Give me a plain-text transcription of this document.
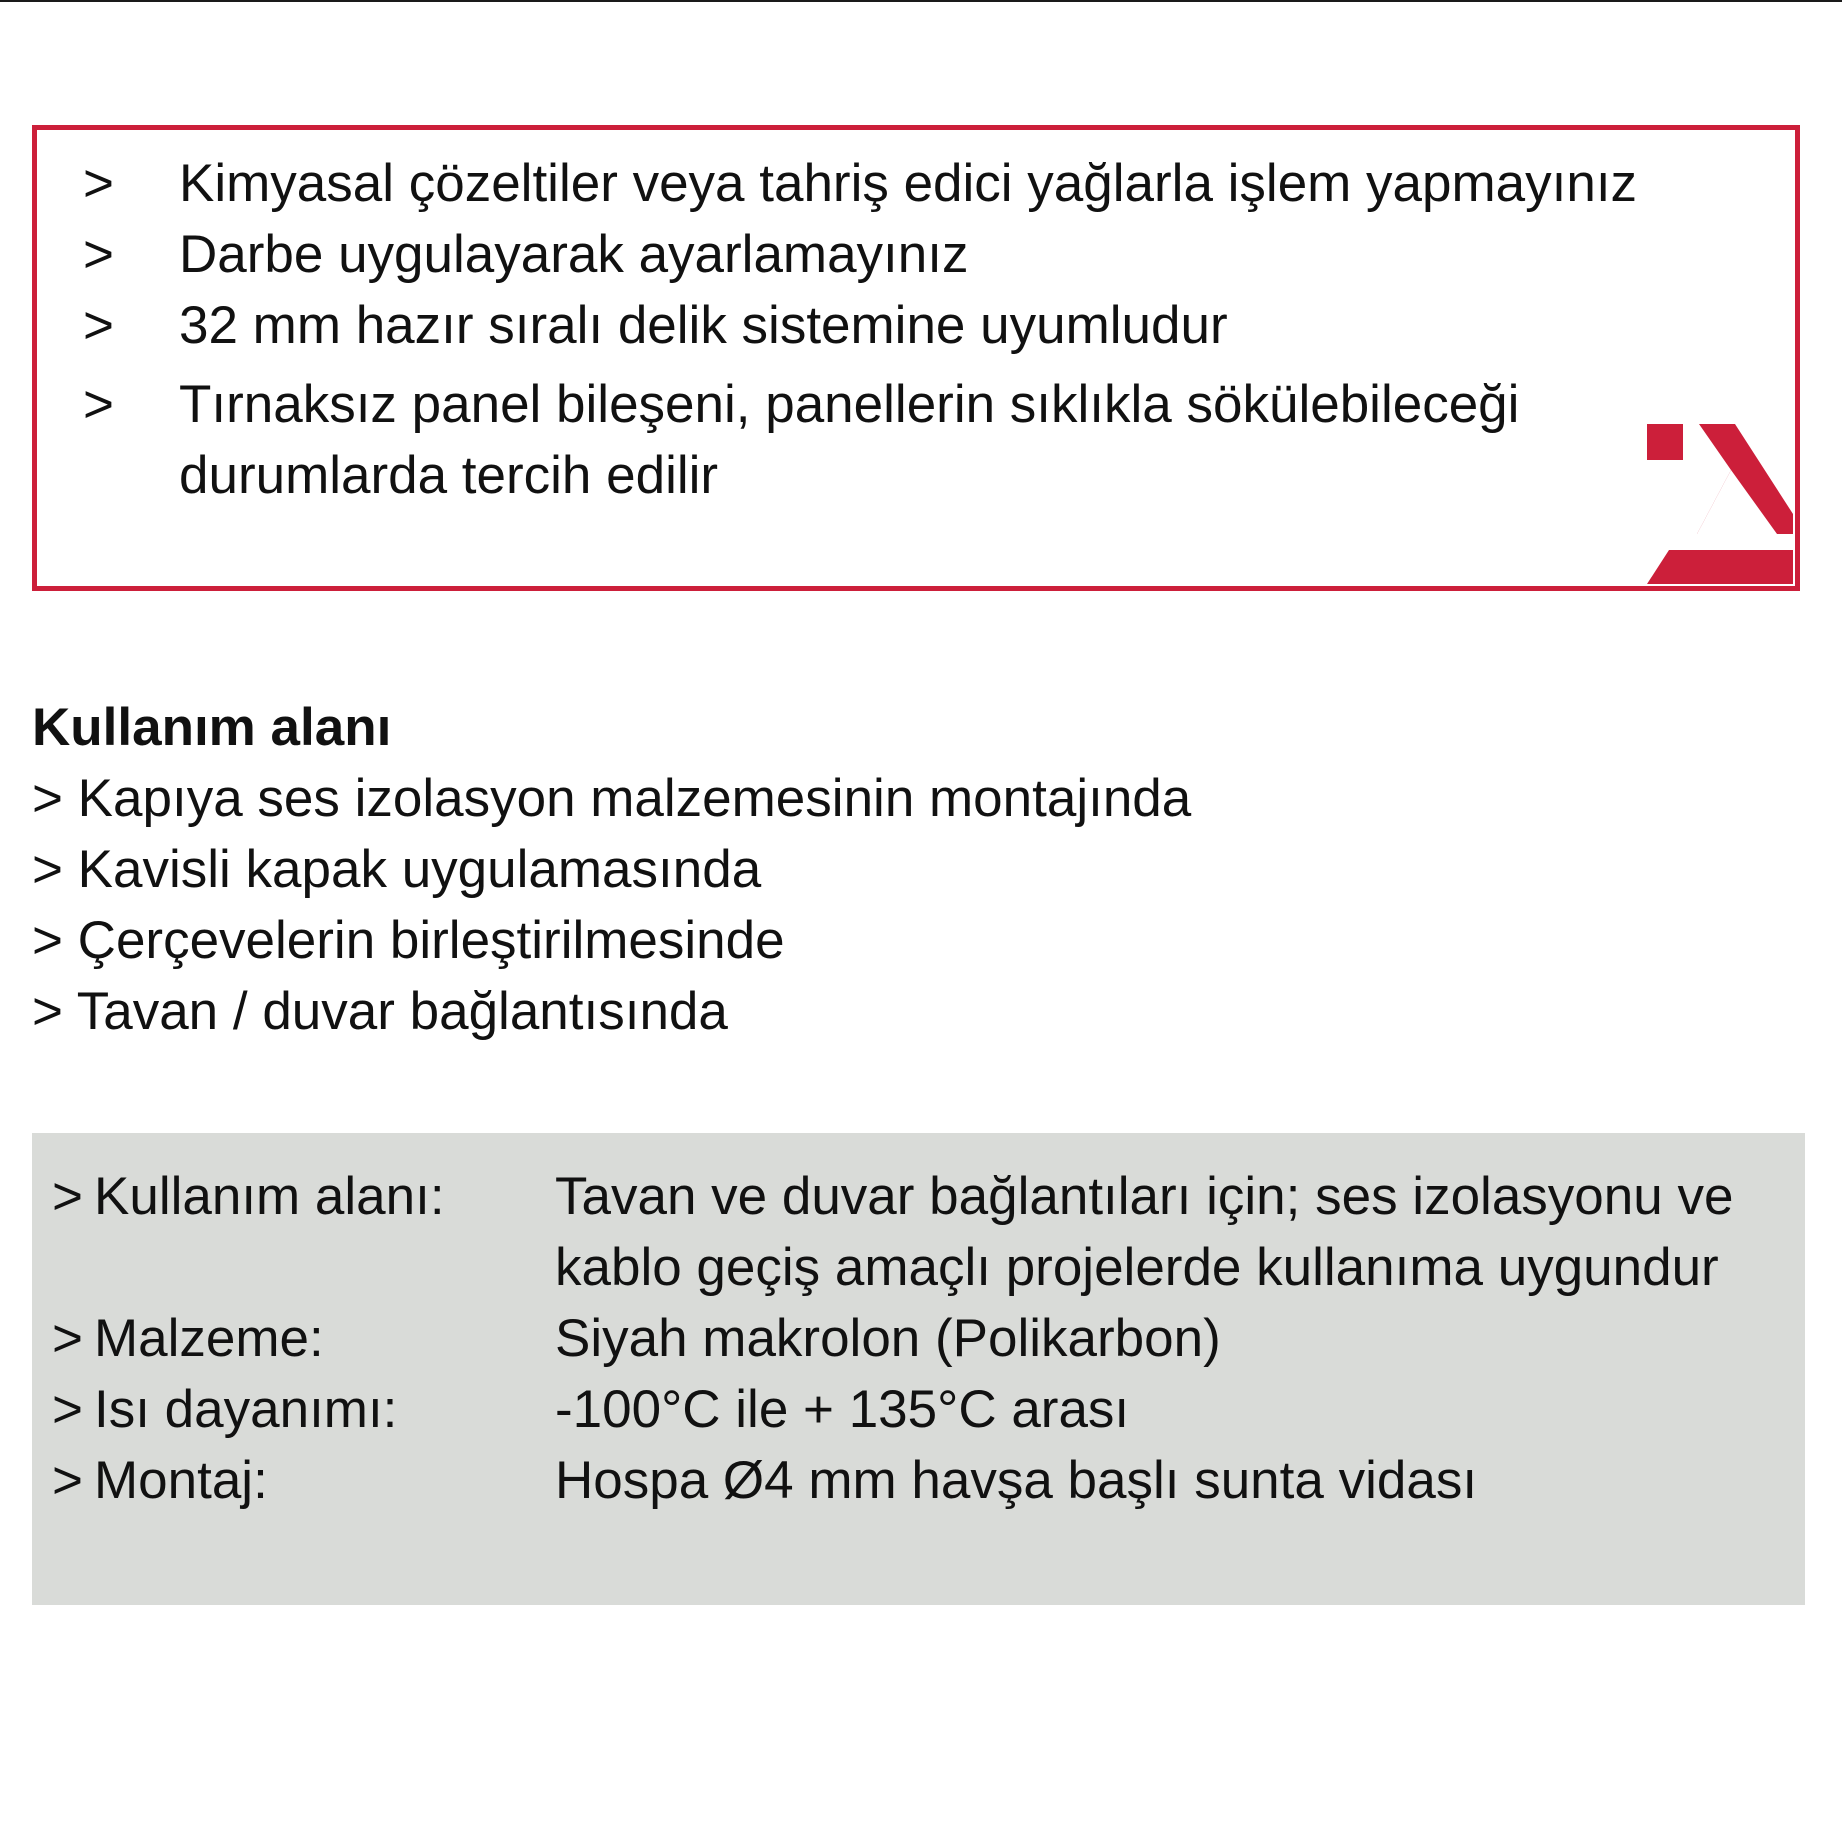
> Kimyasal çözeltiler veya tahriş edici yağlarla işlem yapmayınız
> Darbe uygulayarak ayarlamayınız
> 32 mm hazır sıralı delik sistemine uyumludur
> Tırnaksız panel bileşeni, panellerin sıklıkla sökülebileceği durumlarda tercih edilir
Kullanım alanı
> Kapıya ses izolasyon malzemesinin montajında
> Kavisli kapak uygulamasında
> Çerçevelerin birleştirilmesinde
> Tavan / duvar bağlantısında
>	Kullanım alanı:	Tavan ve duvar bağlantıları için; ses izolasyonu ve kablo geçiş amaçlı projelerde kullanıma uygundur
>	Malzeme:	Siyah makrolon (Polikarbon)
>	Isı dayanımı:	-100°C ile + 135°C arası
>	Montaj:	Hospa Ø4 mm havşa başlı sunta vidası
